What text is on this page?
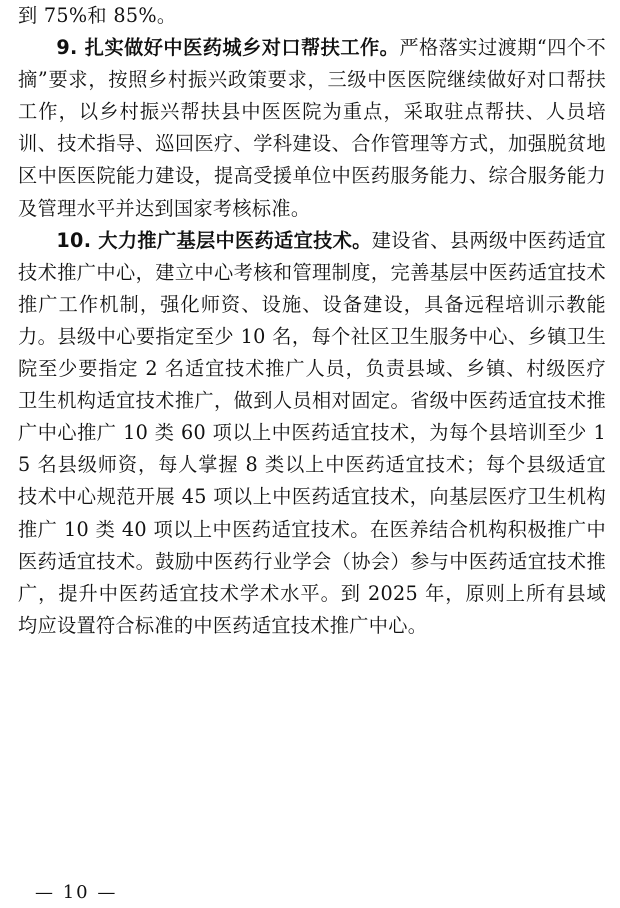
到 75%和 85%。

9. 扎实做好中医药城乡对口帮扶工作。严格落实过渡期“四个不摘”要求，按照乡村振兴政策要求，三级中医医院继续做好对口帮扶工作，以乡村振兴帮扶县中医医院为重点，采取驻点帮扶、人员培训、技术指导、巡回医疗、学科建设、合作管理等方式，加强脱贫地区中医医院能力建设，提高受援单位中医药服务能力、综合服务能力及管理水平并达到国家考核标准。

10. 大力推广基层中医药适宜技术。建设省、县两级中医药适宜技术推广中心，建立中心考核和管理制度，完善基层中医药适宜技术推广工作机制，强化师资、设施、设备建设，具备远程培训示教能力。县级中心要指定至少 10 名，每个社区卫生服务中心、乡镇卫生院至少要指定 2 名适宜技术推广人员，负责县域、乡镇、村级医疗卫生机构适宜技术推广，做到人员相对固定。省级中医药适宜技术推广中心推广 10 类 60 项以上中医药适宜技术，为每个县培训至少 15 名县级师资，每人掌握 8 类以上中医药适宜技术；每个县级适宜技术中心规范开展 45 项以上中医药适宜技术，向基层医疗卫生机构推广 10 类 40 项以上中医药适宜技术。在医养结合机构积极推广中医药适宜技术。鼓励中医药行业学会（协会）参与中医药适宜技术推广，提升中医药适宜技术学术水平。到 2025 年，原则上所有县域均应设置符合标准的中医药适宜技术推广中心。

— 10 —
